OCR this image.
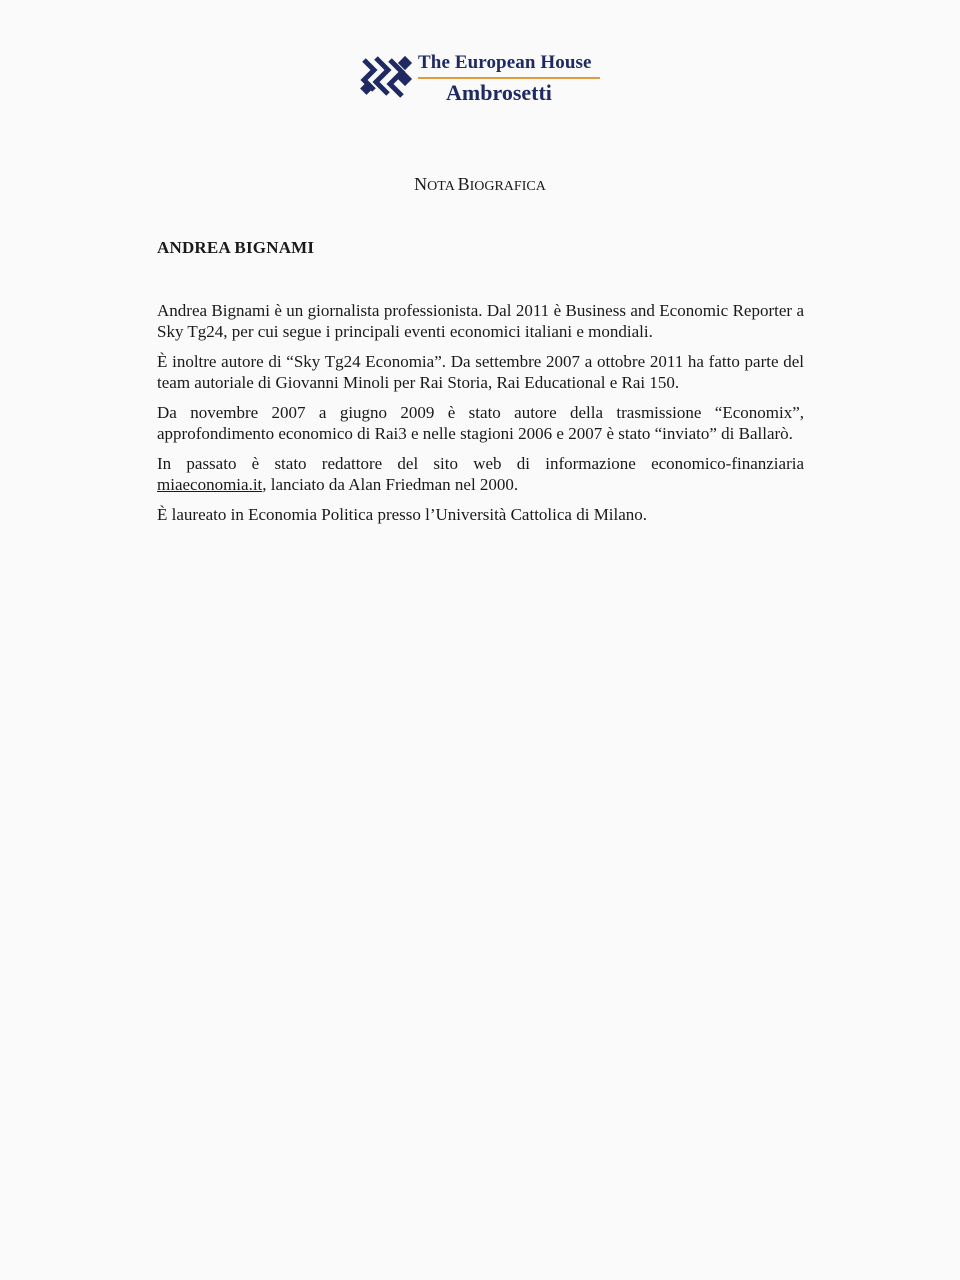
The European House
Ambrosetti
NOTA BIOGRAFICA
ANDREA BIGNAMI

Andrea Bignami è un giornalista professionista. Dal 2011 è Business and Economic Reporter a Sky Tg24, per cui segue i principali eventi economici italiani e mondiali.

È inoltre autore di “Sky Tg24 Economia”. Da settembre 2007 a ottobre 2011 ha fatto parte del team autoriale di Giovanni Minoli per Rai Storia, Rai Educational e Rai 150.

Da novembre 2007 a giugno 2009 è stato autore della trasmissione “Economix”, approfondimento economico di Rai3 e nelle stagioni 2006 e 2007 è stato “inviato” di Ballarò.

In passato è stato redattore del sito web di informazione economico-finanziaria miaeconomia.it, lanciato da Alan Friedman nel 2000.

È laureato in Economia Politica presso l’Università Cattolica di Milano.
